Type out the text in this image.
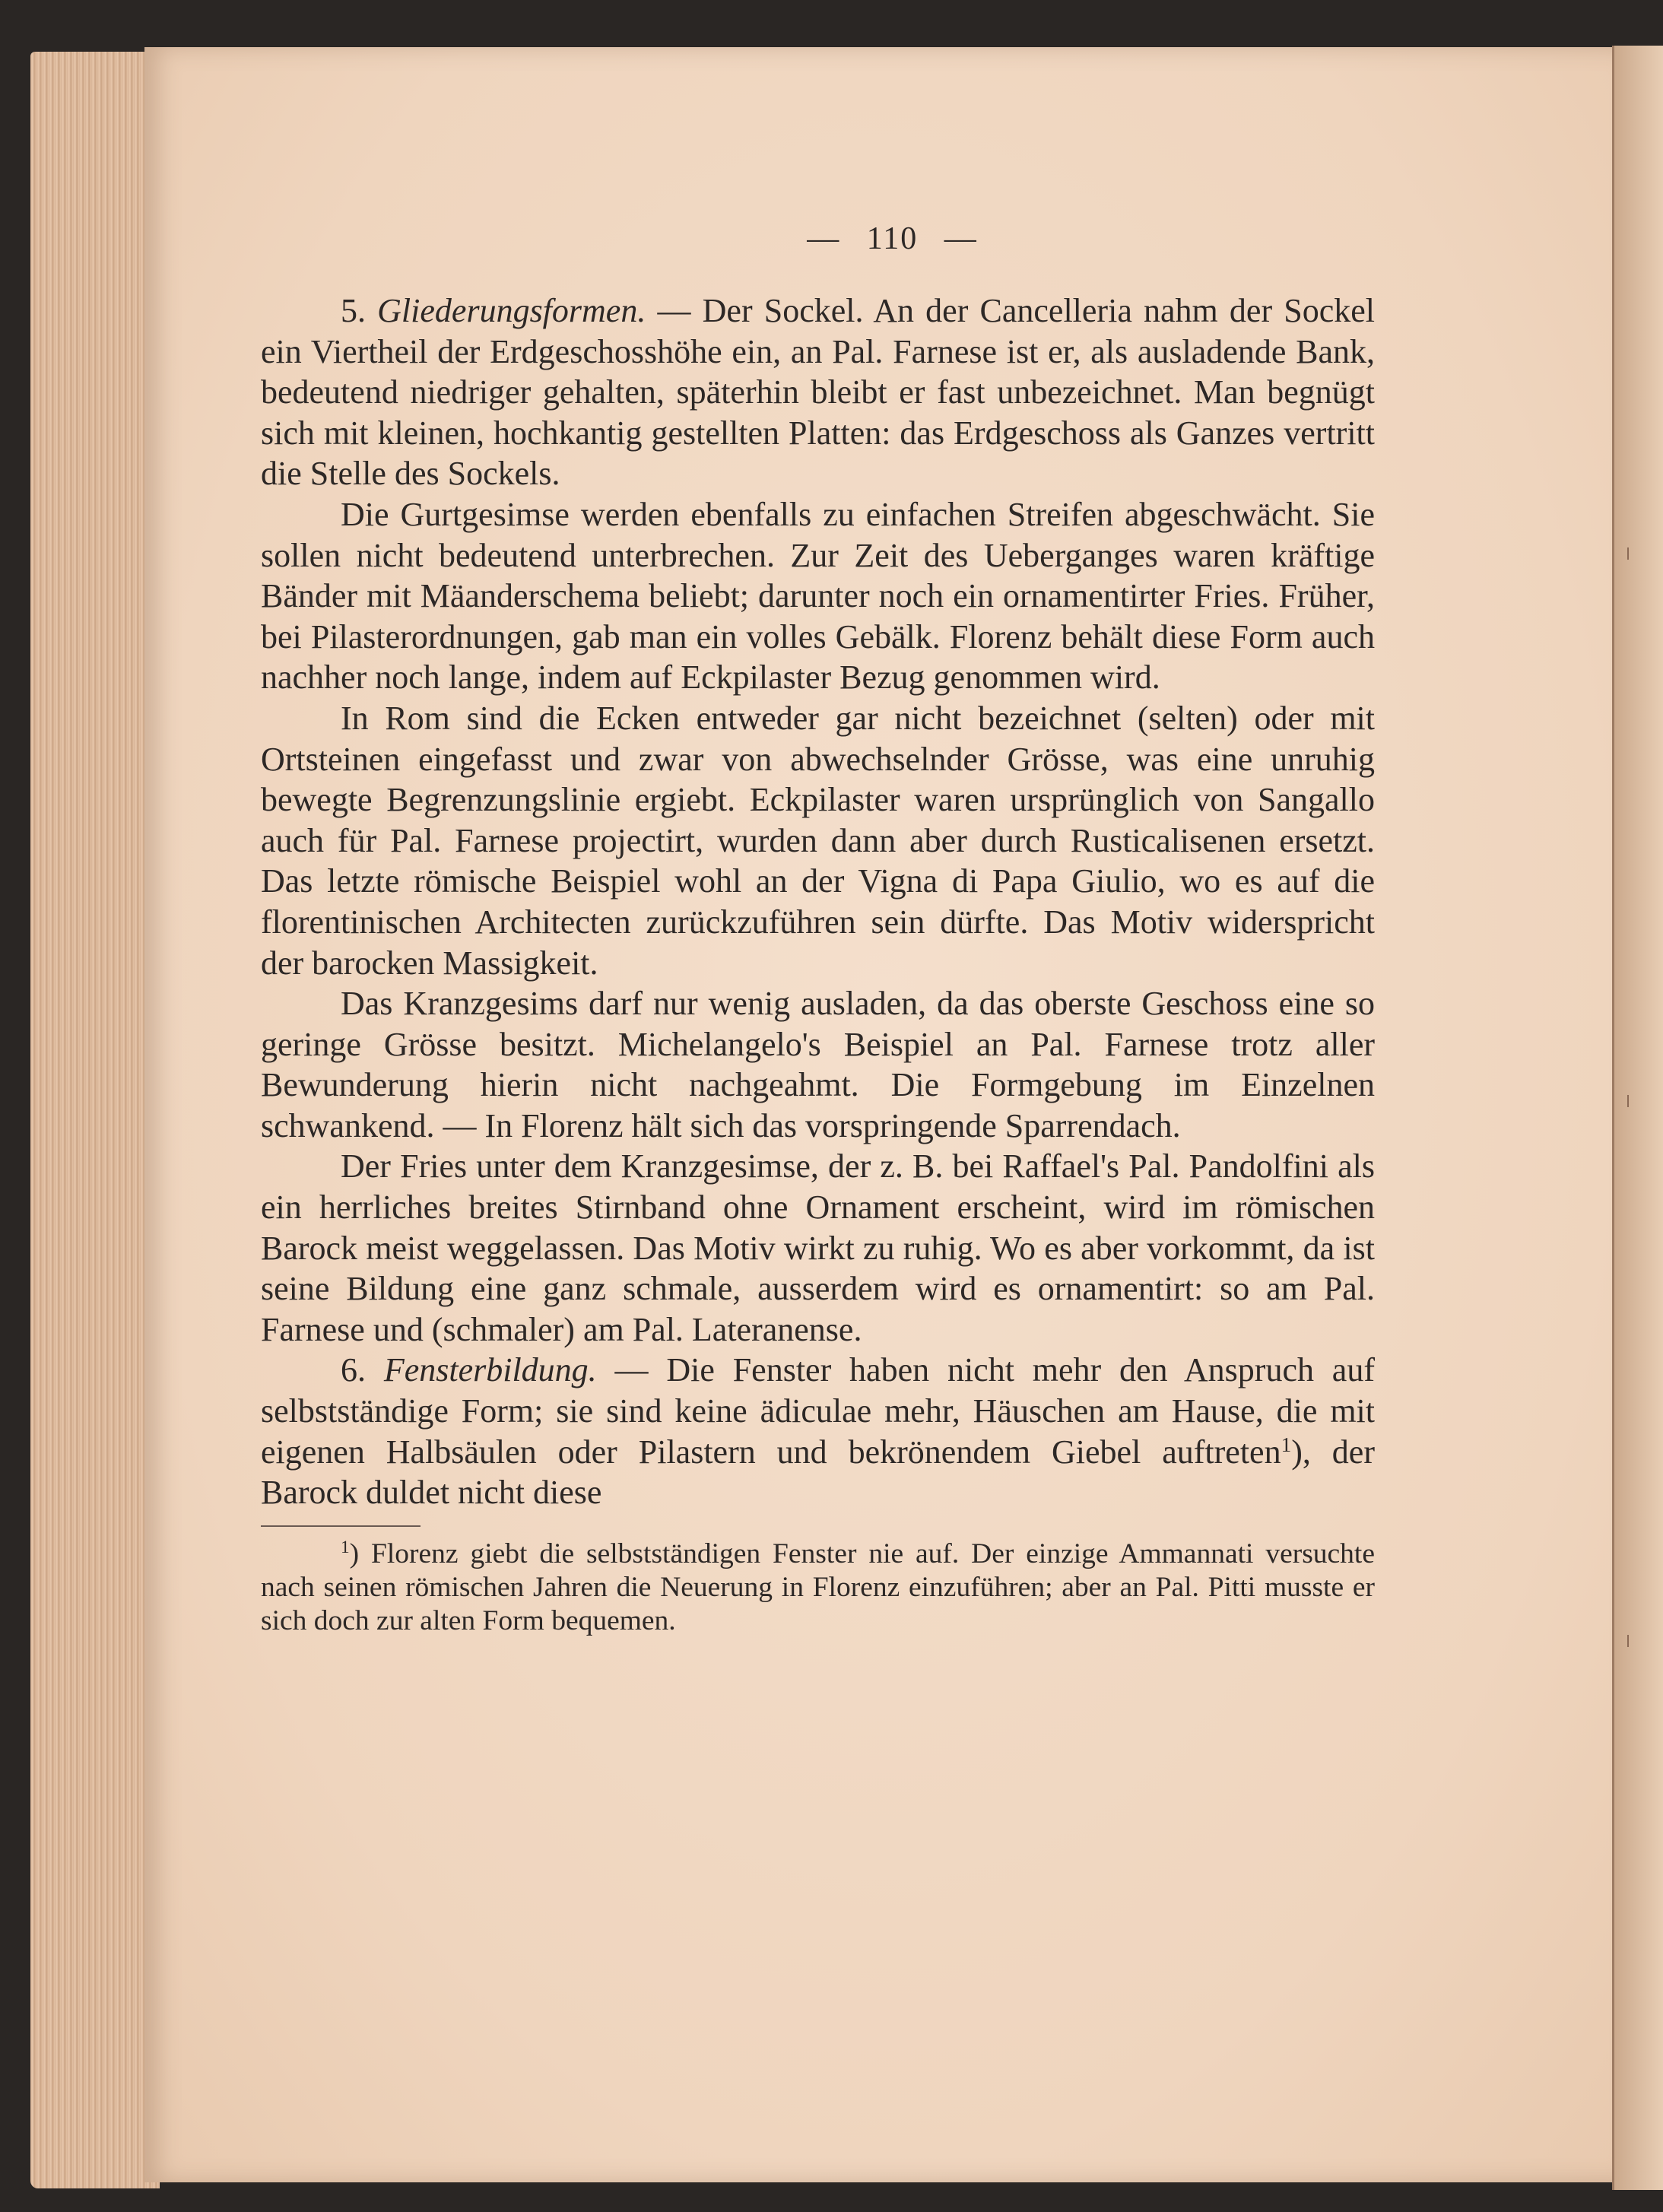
— 110 —

5. Gliederungsformen. — Der Sockel. An der Cancelleria nahm der Sockel ein Viertheil der Erdgeschosshöhe ein, an Pal. Farnese ist er, als ausladende Bank, bedeutend niedriger gehalten, späterhin bleibt er fast unbezeichnet. Man begnügt sich mit kleinen, hochkantig gestellten Platten: das Erdgeschoss als Ganzes vertritt die Stelle des Sockels.

Die Gurtgesimse werden ebenfalls zu einfachen Streifen abgeschwächt. Sie sollen nicht bedeutend unterbrechen. Zur Zeit des Ueberganges waren kräftige Bänder mit Mäanderschema beliebt; darunter noch ein ornamentirter Fries. Früher, bei Pilasterordnungen, gab man ein volles Gebälk. Florenz behält diese Form auch nachher noch lange, indem auf Eckpilaster Bezug genommen wird.

In Rom sind die Ecken entweder gar nicht bezeichnet (selten) oder mit Ortsteinen eingefasst und zwar von abwechselnder Grösse, was eine unruhig bewegte Begrenzungslinie ergiebt. Eckpilaster waren ursprünglich von Sangallo auch für Pal. Farnese projectirt, wurden dann aber durch Rusticalisenen ersetzt. Das letzte römische Beispiel wohl an der Vigna di Papa Giulio, wo es auf die florentinischen Architecten zurückzuführen sein dürfte. Das Motiv widerspricht der barocken Massigkeit.

Das Kranzgesims darf nur wenig ausladen, da das oberste Geschoss eine so geringe Grösse besitzt. Michelangelo's Beispiel an Pal. Farnese trotz aller Bewunderung hierin nicht nachgeahmt. Die Formgebung im Einzelnen schwankend. — In Florenz hält sich das vorspringende Sparrendach.

Der Fries unter dem Kranzgesimse, der z. B. bei Raffael's Pal. Pandolfini als ein herrliches breites Stirnband ohne Ornament erscheint, wird im römischen Barock meist weggelassen. Das Motiv wirkt zu ruhig. Wo es aber vorkommt, da ist seine Bildung eine ganz schmale, ausserdem wird es ornamentirt: so am Pal. Farnese und (schmaler) am Pal. Lateranense.

6. Fensterbildung. — Die Fenster haben nicht mehr den Anspruch auf selbstständige Form; sie sind keine ädiculae mehr, Häuschen am Hause, die mit eigenen Halbsäulen oder Pilastern und bekrönendem Giebel auftreten$^1$), der Barock duldet nicht diese

$^1$) Florenz giebt die selbstständigen Fenster nie auf. Der einzige Ammannati versuchte nach seinen römischen Jahren die Neuerung in Florenz einzuführen; aber an Pal. Pitti musste er sich doch zur alten Form bequemen.
